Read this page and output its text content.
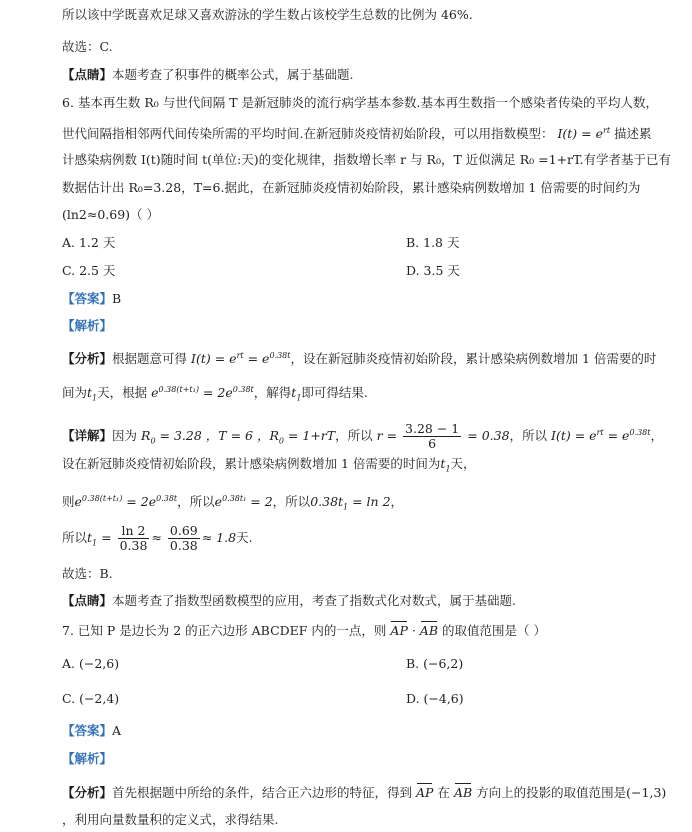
所以该中学既喜欢足球又喜欢游泳的学生数占该校学生总数的比例为 46%.
故选：C.
【点睛】本题考查了积事件的概率公式，属于基础题.
6. 基本再生数 R₀ 与世代间隔 T 是新冠肺炎的流行病学基本参数.基本再生数指一个感染者传染的平均人数，
世代间隔指相邻两代间传染所需的平均时间.在新冠肺炎疫情初始阶段，可以用指数模型： $I(t) = e^{rt}$ 描述累
计感染病例数 I(t)随时间 t(单位:天)的变化规律，指数增长率 r 与 R₀，T 近似满足 R₀ =1+rT.有学者基于已有
数据估计出 R₀=3.28，T=6.据此，在新冠肺炎疫情初始阶段，累计感染病例数增加 1 倍需要的时间约为
(ln2≈0.69)（ ）
A. 1.2 天	B. 1.8 天
C. 2.5 天	D. 3.5 天
【答案】B
【解析】
【分析】根据题意可得 $I(t) = e^{rt} = e^{0.38t}$，设在新冠肺炎疫情初始阶段，累计感染病例数增加 1 倍需要的时
间为$t_1$天，根据 $e^{0.38(t+t_1)} = 2e^{0.38t}$，解得$t_1$即可得结果.
【详解】因为 $R_0 = 3.28$ ，T = 6 ，$R_0 = 1+rT$，所以 $r = \frac{3.28 - 1}{6} = 0.38$，所以 $I(t) = e^{rt} = e^{0.38t}$，
设在新冠肺炎疫情初始阶段，累计感染病例数增加 1 倍需要的时间为$t_1$天，
则$e^{0.38(t+t_1)} = 2e^{0.38t}$，所以$e^{0.38t_1} = 2$，所以$0.38t_1 = \ln 2$，
所以$t_1 = \frac{\ln 2}{0.38} \approx \frac{0.69}{0.38} \approx 1.8$天.
故选：B.
【点睛】本题考查了指数型函数模型的应用，考查了指数式化对数式，属于基础题.
7. 已知 P 是边长为 2 的正六边形 ABCDEF 内的一点，则 AP · AB 的取值范围是（ ）
A. (−2,6)	B. (−6,2)
C. (−2,4)	D. (−4,6)
【答案】A
【解析】
【分析】首先根据题中所给的条件，结合正六边形的特征，得到 AP 在 AB 方向上的投影的取值范围是(−1,3)
，利用向量数量积的定义式，求得结果.
